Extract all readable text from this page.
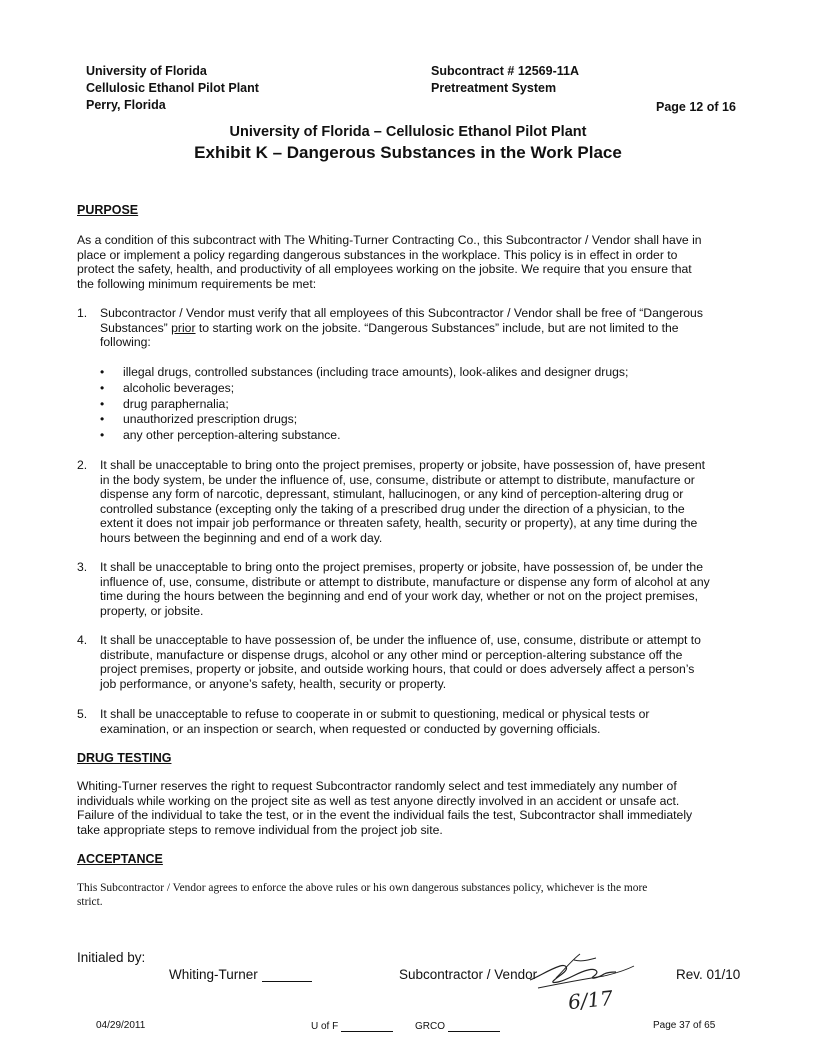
University of Florida
Cellulosic Ethanol Pilot Plant
Perry, Florida
Subcontract # 12569-11A
Pretreatment System
Page 12 of 16
University of Florida – Cellulosic Ethanol Pilot Plant
Exhibit K – Dangerous Substances in the Work Place
PURPOSE
As a condition of this subcontract with The Whiting-Turner Contracting Co., this Subcontractor / Vendor shall have in
place or implement a policy regarding dangerous substances in the workplace. This policy is in effect in order to
protect the safety, health, and productivity of all employees working on the jobsite. We require that you ensure that
the following minimum requirements be met:
1. Subcontractor / Vendor must verify that all employees of this Subcontractor / Vendor shall be free of “Dangerous
Substances” prior to starting work on the jobsite. “Dangerous Substances” include, but are not limited to the
following:
• illegal drugs, controlled substances (including trace amounts), look-alikes and designer drugs;
• alcoholic beverages;
• drug paraphernalia;
• unauthorized prescription drugs;
• any other perception-altering substance.
2. It shall be unacceptable to bring onto the project premises, property or jobsite, have possession of, have present
in the body system, be under the influence of, use, consume, distribute or attempt to distribute, manufacture or
dispense any form of narcotic, depressant, stimulant, hallucinogen, or any kind of perception-altering drug or
controlled substance (excepting only the taking of a prescribed drug under the direction of a physician, to the
extent it does not impair job performance or threaten safety, health, security or property), at any time during the
hours between the beginning and end of a work day.
3. It shall be unacceptable to bring onto the project premises, property or jobsite, have possession of, be under the
influence of, use, consume, distribute or attempt to distribute, manufacture or dispense any form of alcohol at any
time during the hours between the beginning and end of your work day, whether or not on the project premises,
property, or jobsite.
4. It shall be unacceptable to have possession of, be under the influence of, use, consume, distribute or attempt to
distribute, manufacture or dispense drugs, alcohol or any other mind or perception-altering substance off the
project premises, property or jobsite, and outside working hours, that could or does adversely affect a person’s
job performance, or anyone’s safety, health, security or property.
5. It shall be unacceptable to refuse to cooperate in or submit to questioning, medical or physical tests or
examination, or an inspection or search, when requested or conducted by governing officials.
DRUG TESTING
Whiting-Turner reserves the right to request Subcontractor randomly select and test immediately any number of
individuals while working on the project site as well as test anyone directly involved in an accident or unsafe act.
Failure of the individual to take the test, or in the event the individual fails the test, Subcontractor shall immediately
take appropriate steps to remove individual from the project job site.
ACCEPTANCE
This Subcontractor / Vendor agrees to enforce the above rules or his own dangerous substances policy, whichever is the more
strict.
Initialed by:
Whiting-Turner	Subcontractor / Vendor
6/17
Rev. 01/10
04/29/2011	U of F	GRCO	Page 37 of 65
